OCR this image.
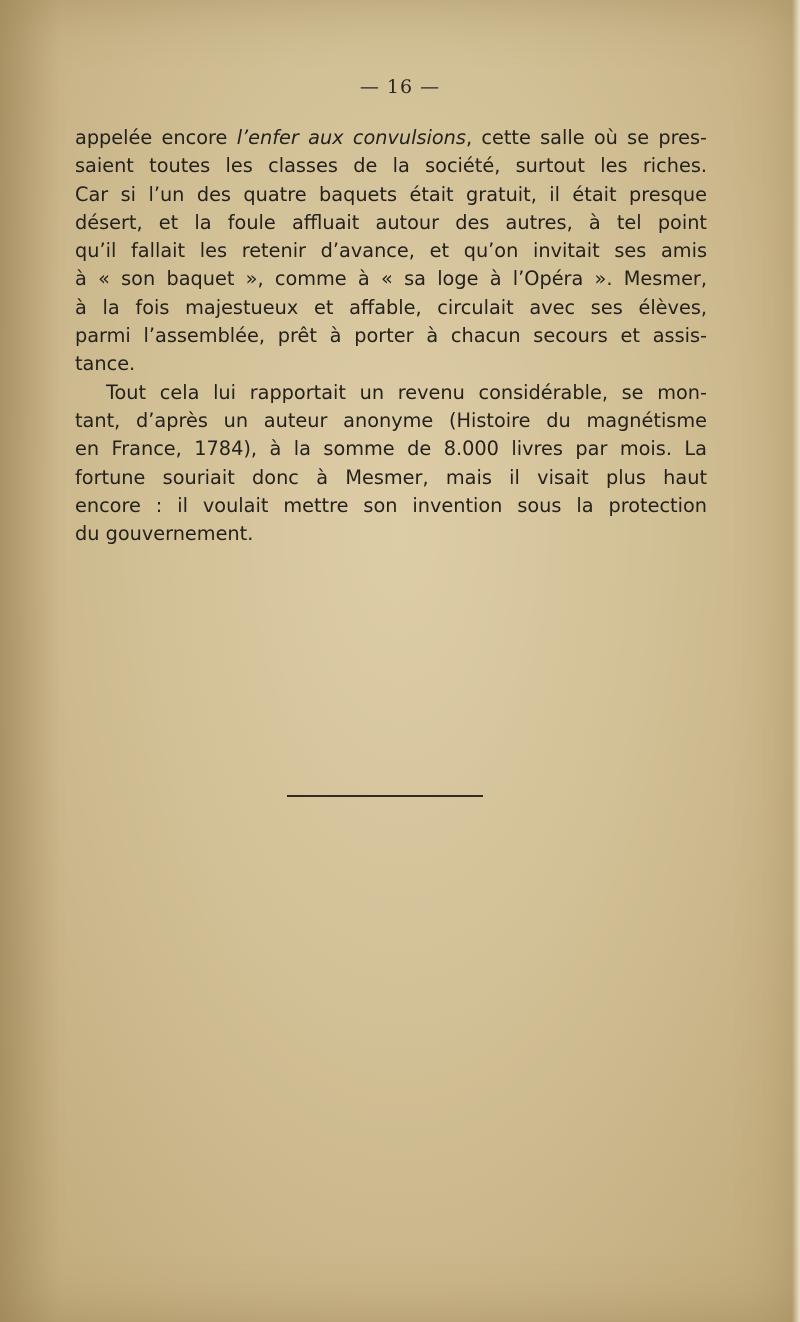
— 16 —

appelée encore l’enfer aux convulsions, cette salle où se pres-
saient toutes les classes de la société, surtout les riches.
Car si l’un des quatre baquets était gratuit, il était presque
désert, et la foule affluait autour des autres, à tel point
qu’il fallait les retenir d’avance, et qu’on invitait ses amis
à « son baquet », comme à « sa loge à l’Opéra ». Mesmer,
à la fois majestueux et affable, circulait avec ses élèves,
parmi l’assemblée, prêt à porter à chacun secours et assis-
tance.

Tout cela lui rapportait un revenu considérable, se mon-
tant, d’après un auteur anonyme (Histoire du magnétisme
en France, 1784), à la somme de 8.000 livres par mois. La
fortune souriait donc à Mesmer, mais il visait plus haut
encore : il voulait mettre son invention sous la protection
du gouvernement.
